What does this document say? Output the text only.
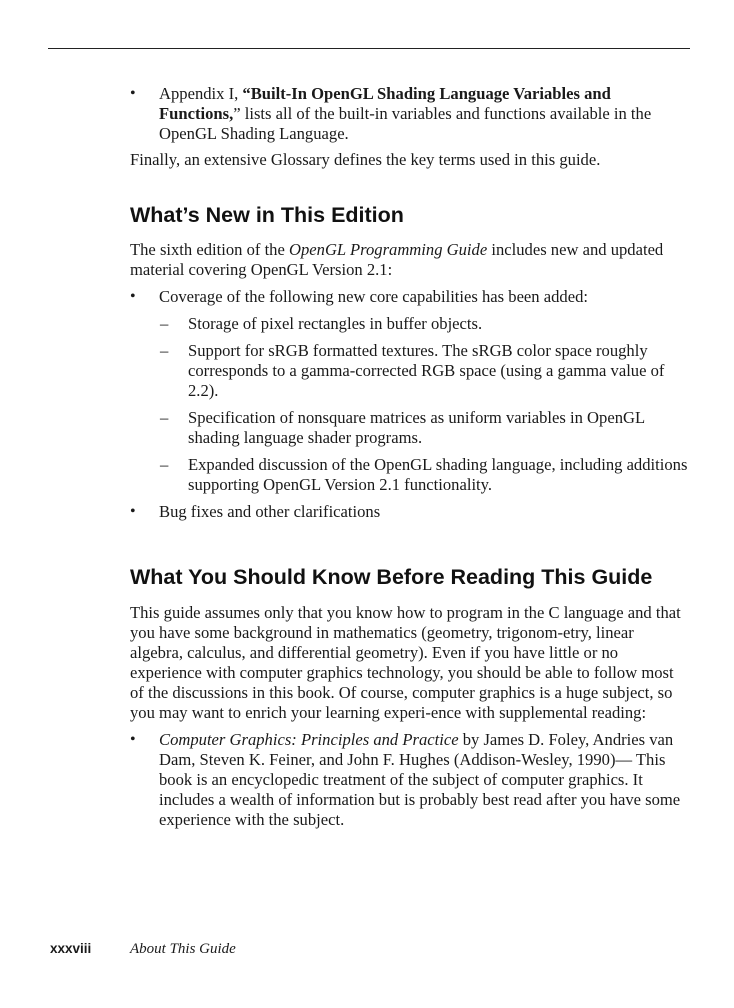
• Appendix I, “Built-In OpenGL Shading Language Variables and Functions,” lists all of the built-in variables and functions available in the OpenGL Shading Language.

Finally, an extensive Glossary defines the key terms used in this guide.

What’s New in This Edition

The sixth edition of the OpenGL Programming Guide includes new and updated material covering OpenGL Version 2.1:

• Coverage of the following new core capabilities has been added:
– Storage of pixel rectangles in buffer objects.
– Support for sRGB formatted textures. The sRGB color space roughly corresponds to a gamma-corrected RGB space (using a gamma value of 2.2).
– Specification of nonsquare matrices as uniform variables in OpenGL shading language shader programs.
– Expanded discussion of the OpenGL shading language, including additions supporting OpenGL Version 2.1 functionality.
• Bug fixes and other clarifications
What You Should Know Before Reading This Guide

This guide assumes only that you know how to program in the C language and that you have some background in mathematics (geometry, trigonom-etry, linear algebra, calculus, and differential geometry). Even if you have little or no experience with computer graphics technology, you should be able to follow most of the discussions in this book. Of course, computer graphics is a huge subject, so you may want to enrich your learning experi-ence with supplemental reading:

• Computer Graphics: Principles and Practice by James D. Foley, Andries van Dam, Steven K. Feiner, and John F. Hughes (Addison-Wesley, 1990)— This book is an encyclopedic treatment of the subject of computer graphics. It includes a wealth of information but is probably best read after you have some experience with the subject.
xxxviii	About This Guide
